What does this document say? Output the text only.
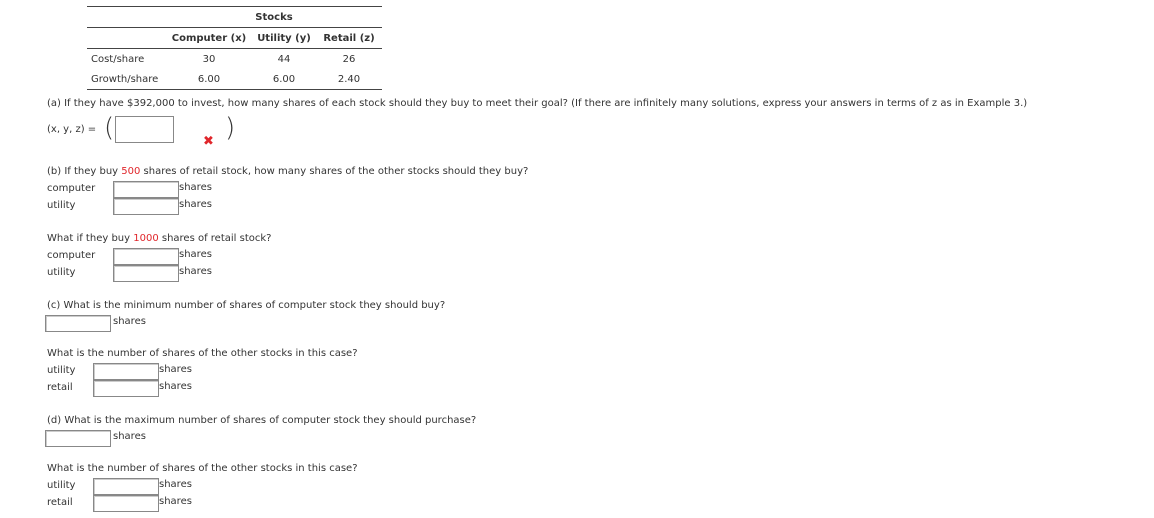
	Stocks		
	Computer (x)	Utility (y)	Retail (z)
Cost/share	30	44	26
Growth/share	6.00	6.00	2.40
(a) If they have $392,000 to invest, how many shares of each stock should they buy to meet their goal? (If there are infinitely many solutions, express your answers in terms of z as in Example 3.)
(x, y, z) = (	)
✖
(b) If they buy 500 shares of retail stock, how many shares of the other stocks should they buy?
computer	shares
utility	shares
What if they buy 1000 shares of retail stock?
computer	shares
utility	shares
(c) What is the minimum number of shares of computer stock they should buy?
shares
What is the number of shares of the other stocks in this case?
utility	shares
retail	shares
(d) What is the maximum number of shares of computer stock they should purchase?
shares
What is the number of shares of the other stocks in this case?
utility	shares
retail	shares
